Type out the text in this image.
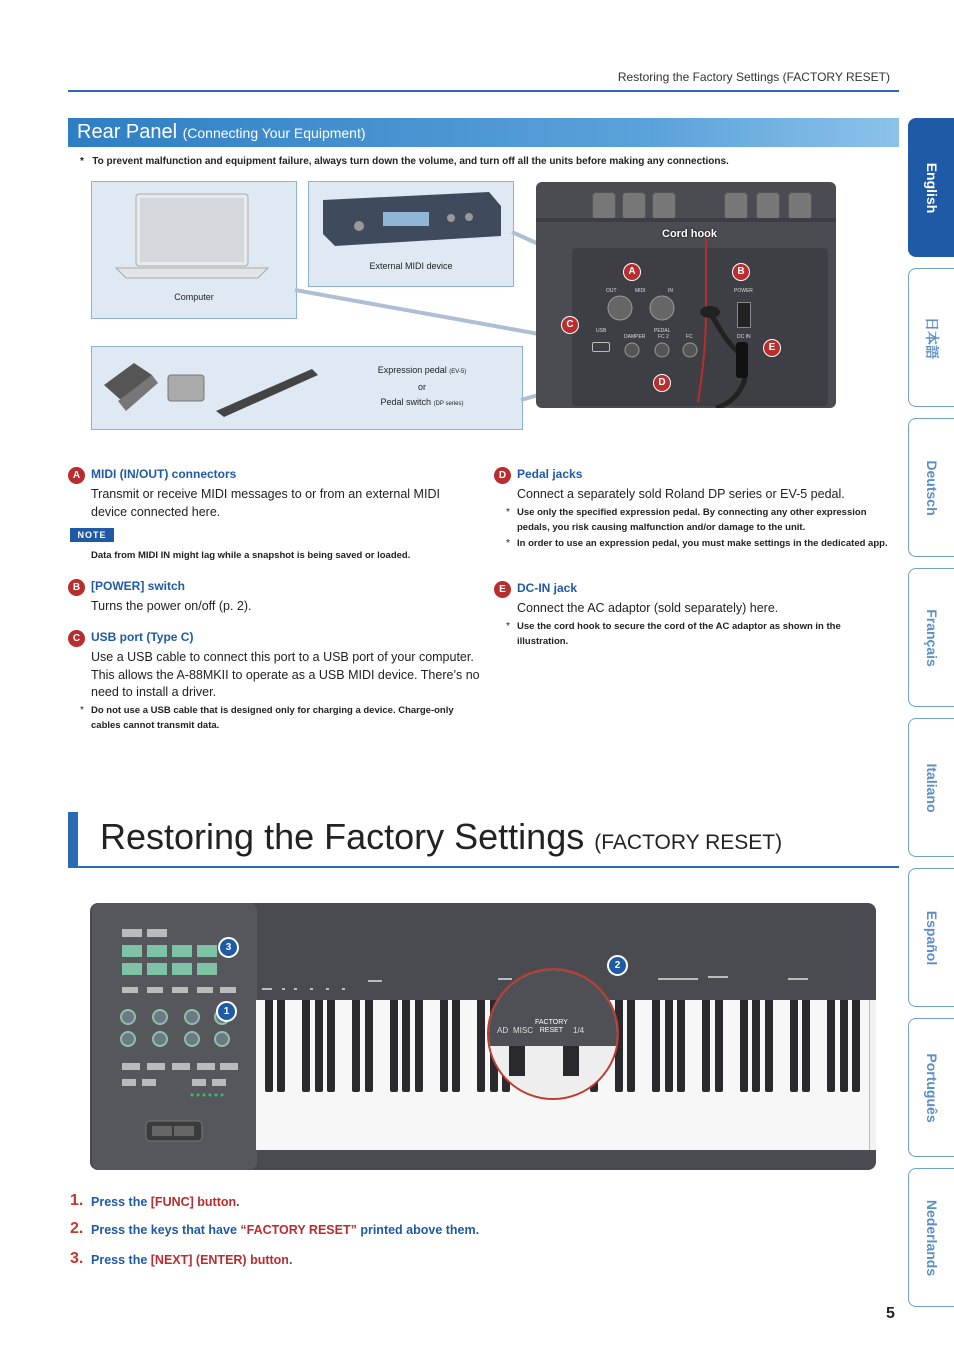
Restoring the Factory Settings (FACTORY RESET)
Rear Panel (Connecting Your Equipment)
* To prevent malfunction and equipment failure, always turn down the volume, and turn off all the units before making any connections.
Computer
External MIDI device
Expression pedal (EV-5)
or
Pedal switch (DP series)
OUT	MIDI	IN	POWER
USB	PEDAL
DAMPER	FC 2	FC	DC IN
Cord hook
A	B
C
D
E
A MIDI (IN/OUT) connectors
Transmit or receive MIDI messages to or from an external MIDI device connected here.
NOTE
Data from MIDI IN might lag while a snapshot is being saved or loaded.
B [POWER] switch
Turns the power on/off (p. 2).
C USB port (Type C)
Use a USB cable to connect this port to a USB port of your computer. This allows the A-88MKII to operate as a USB MIDI device. There’s no need to install a driver.
* Do not use a USB cable that is designed only for charging a device. Charge-only cables cannot transmit data.
D Pedal jacks
Connect a separately sold Roland DP series or EV-5 pedal.
* Use only the specified expression pedal. By connecting any other expression pedals, you risk causing malfunction and/or damage to the unit.
* In order to use an expression pedal, you must make settings in the dedicated app.
E DC-IN jack
Connect the AC adaptor (sold separately) here.
* Use the cord hook to secure the cord of the AC adaptor as shown in the illustration.
Restoring the Factory Settings (FACTORY RESET)
AD MISC
FACTORY
RESET	1/4
2
1
3
1. Press the [FUNC] button.
2. Press the keys that have “FACTORY RESET” printed above them.
3. Press the [NEXT] (ENTER) button.
English
日本語
Deutsch
Français
Italiano
Español
Português
Nederlands
5
